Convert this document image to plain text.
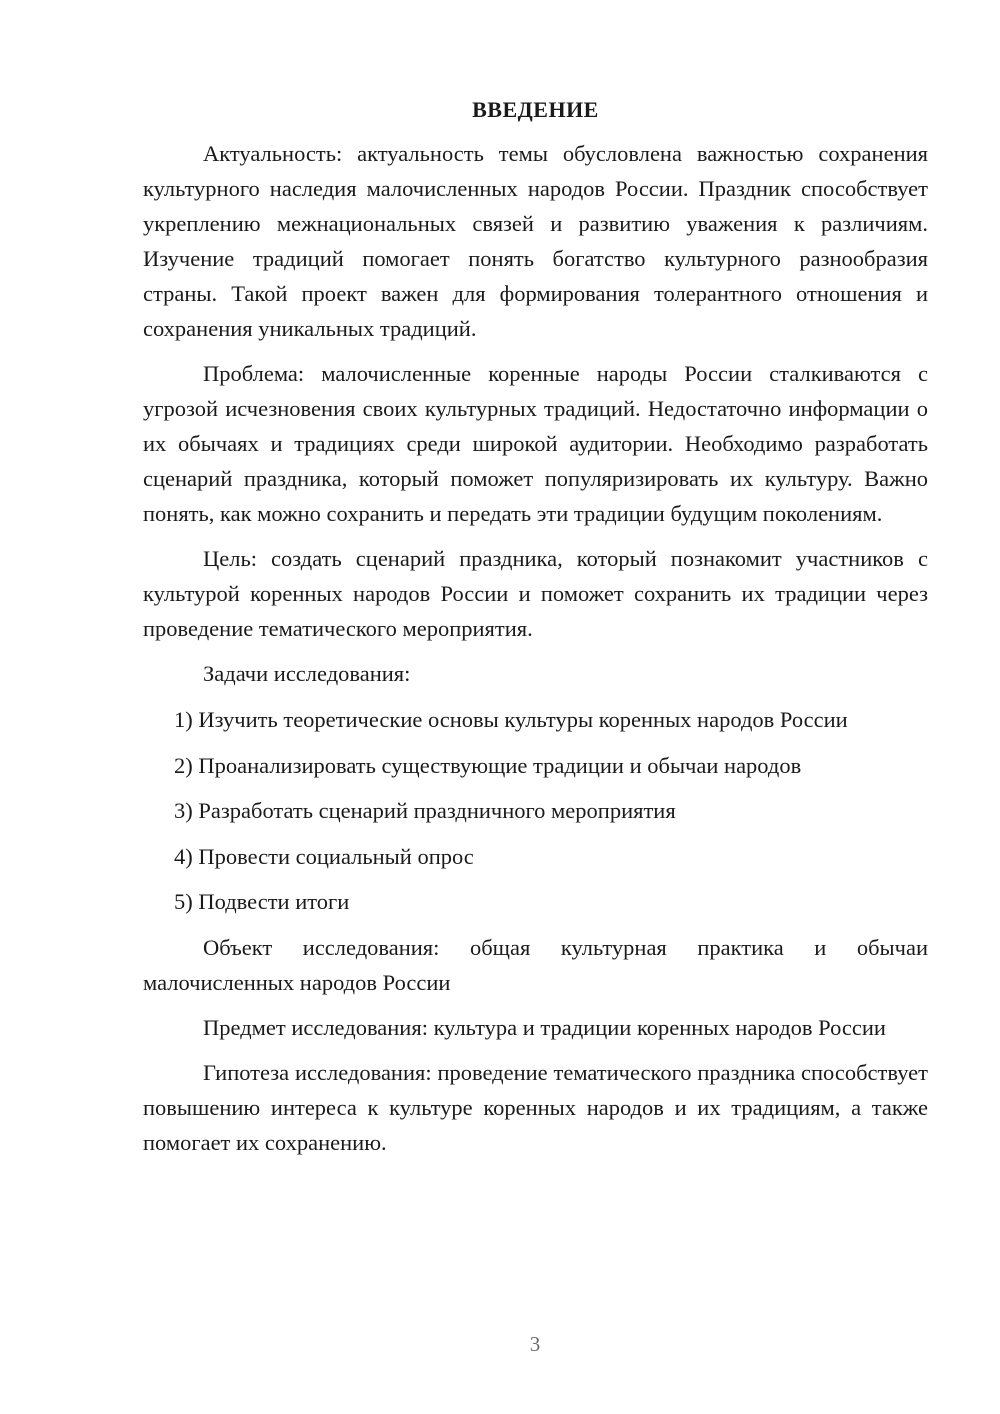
ВВЕДЕНИЕ

Актуальность: актуальность темы обусловлена важностью сохранения культурного наследия малочисленных народов России. Праздник способствует укреплению межнациональных связей и развитию уважения к различиям. Изучение традиций помогает понять богатство культурного разнообразия страны. Такой проект важен для формирования толерантного отношения и сохранения уникальных традиций.

Проблема: малочисленные коренные народы России сталкиваются с угрозой исчезновения своих культурных традиций. Недостаточно информации о их обычаях и традициях среди широкой аудитории. Необходимо разработать сценарий праздника, который поможет популяризировать их культуру. Важно понять, как можно сохранить и передать эти традиции будущим поколениям.

Цель: создать сценарий праздника, который познакомит участников с культурой коренных народов России и поможет сохранить их традиции через проведение тематического мероприятия.

Задачи исследования:

1) Изучить теоретические основы культуры коренных народов России
2) Проанализировать существующие традиции и обычаи народов
3) Разработать сценарий праздничного мероприятия
4) Провести социальный опрос
5) Подвести итоги

Объект исследования: общая культурная практика и обычаи малочисленных народов России

Предмет исследования: культура и традиции коренных народов России

Гипотеза исследования: проведение тематического праздника способствует повышению интереса к культуре коренных народов и их традициям, а также помогает их сохранению.

3
